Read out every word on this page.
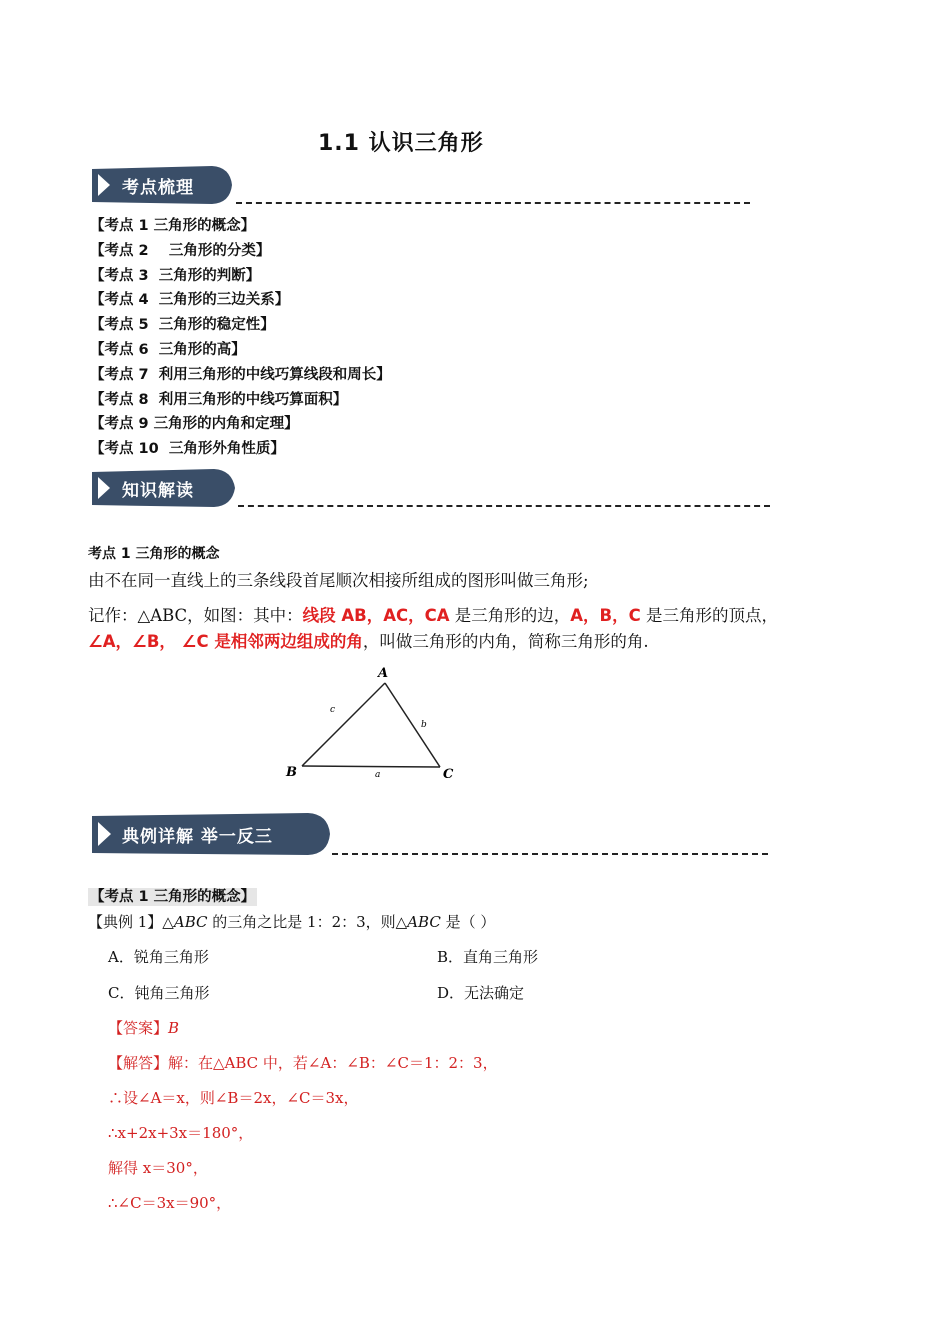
1.1 认识三角形
考点梳理
【考点 1 三角形的概念】
【考点 2    三角形的分类】
【考点 3  三角形的判断】
【考点 4  三角形的三边关系】
【考点 5  三角形的稳定性】
【考点 6  三角形的高】
【考点 7  利用三角形的中线巧算线段和周长】
【考点 8  利用三角形的中线巧算面积】
【考点 9 三角形的内角和定理】
【考点 10  三角形外角性质】
知识解读
考点 1 三角形的概念
由不在同一直线上的三条线段首尾顺次相接所组成的图形叫做三角形;
记作：△ABC，如图：其中：线段 AB，AC，CA 是三角形的边，A，B，C 是三角形的顶点，
∠A，∠B， ∠C 是相邻两边组成的角，叫做三角形的内角，简称三角形的角.
A
B	C
c
b
a
典例详解 举一反三
【考点 1 三角形的概念】
【典例 1】△ABC 的三角之比是 1：2：3，则△ABC 是（ ）
A．锐角三角形	B．直角三角形
C．钝角三角形	D．无法确定
【答案】B
【解答】解：在△ABC 中，若∠A：∠B：∠C＝1：2：3，
∴设∠A＝x，则∠B＝2x，∠C＝3x，
∴x+2x+3x＝180°，
解得 x＝30°，
∴∠C＝3x＝90°，
